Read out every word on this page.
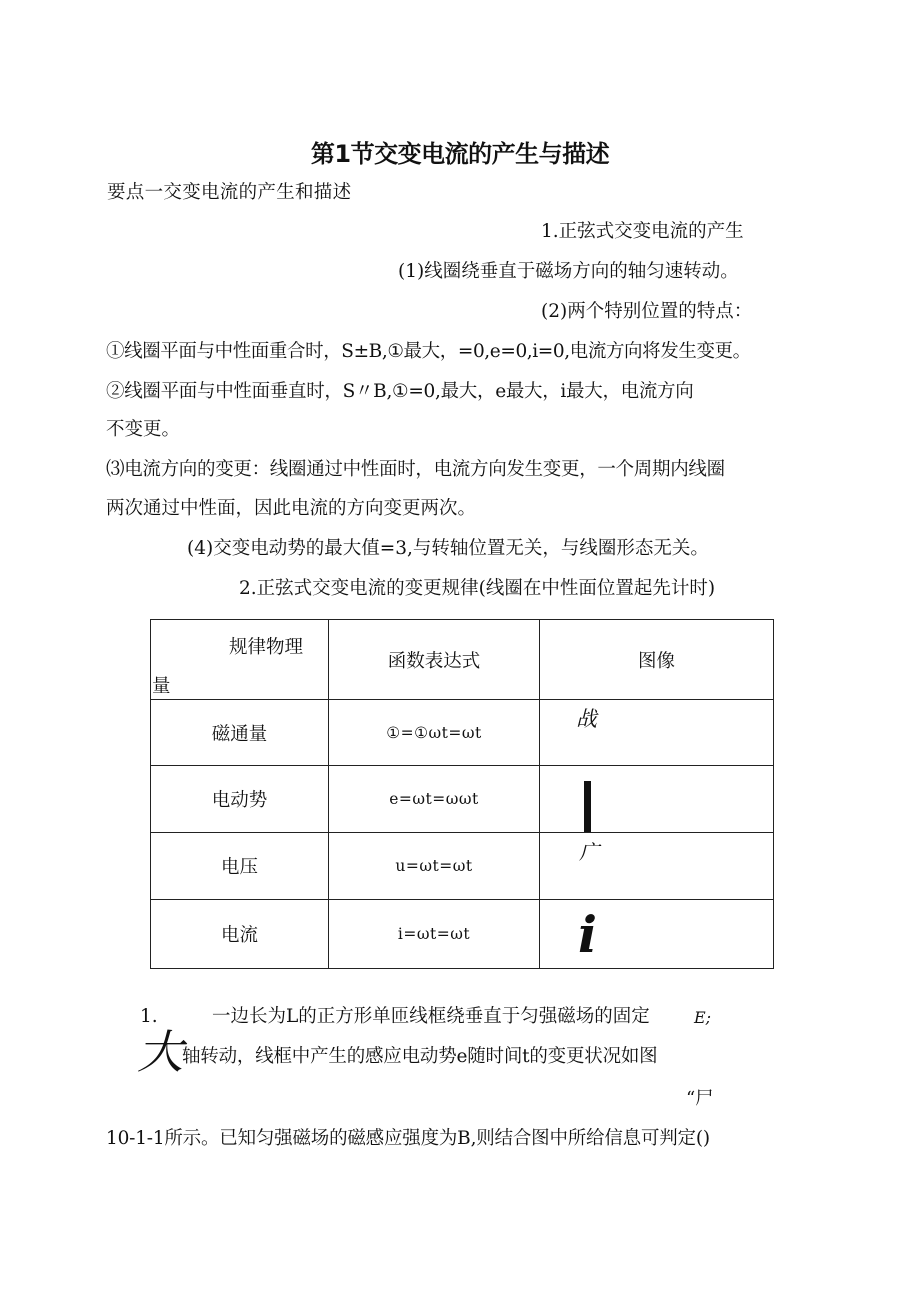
第1节交变电流的产生与描述
要点一交变电流的产生和描述
1.正弦式交变电流的产生
(1)线圈绕垂直于磁场方向的轴匀速转动。
(2)两个特别位置的特点：
①线圈平面与中性面重合时，S±B,①最大，=0,e=0,i=0,电流方向将发生变更。
②线圈平面与中性面垂直时，S〃B,①=0,最大，e最大，i最大，电流方向
不变更。
⑶电流方向的变更：线圈通过中性面时，电流方向发生变更，一个周期内线圈
两次通过中性面，因此电流的方向变更两次。
(4)交变电动势的最大值=3,与转轴位置无关，与线圈形态无关。
2.正弦式交变电流的变更规律(线圈在中性面位置起先计时)
规律物理
量	函数表达式	图像
磁通量	①=①ωt=ωt	战

电动势	e=ωt=ωωt	

电压	u=ωt=ωt	广

电流	i=ωt=ωt	i
1.	一边长为L的正方形单匝线框绕垂直于匀强磁场的固定	E;
大 轴转动，线框中产生的感应电动势e随时间t的变更状况如图
“尸
10-1-1所示。已知匀强磁场的磁感应强度为B,则结合图中所给信息可判定()
